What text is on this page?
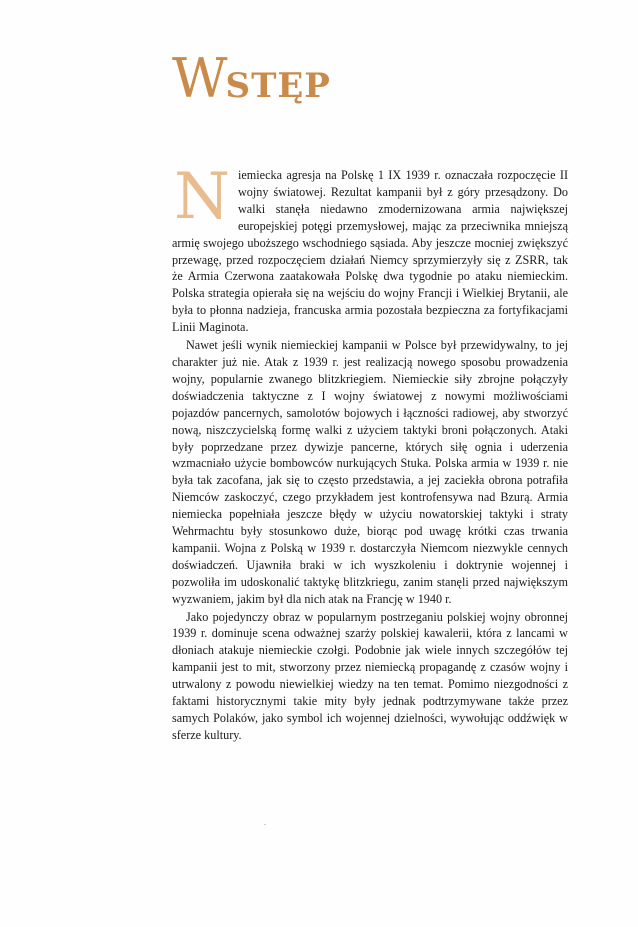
WSTĘP

Niemiecka agresja na Polskę 1 IX 1939 r. oznaczała rozpoczęcie II wojny światowej. Rezultat kampanii był z góry przesądzony. Do walki stanęła niedawno zmodernizowana armia największej europejskiej potęgi przemysłowej, mając za przeciwnika mniejszą armię swojego uboższego wschodniego sąsiada. Aby jeszcze mocniej zwiększyć przewagę, przed rozpoczęciem działań Niemcy sprzymierzyły się z ZSRR, tak że Armia Czerwona zaatakowała Polskę dwa tygodnie po ataku niemieckim. Polska strategia opierała się na wejściu do wojny Francji i Wielkiej Brytanii, ale była to płonna nadzieja, francuska armia pozostała bezpieczna za fortyfikacjami Linii Maginota.

Nawet jeśli wynik niemieckiej kampanii w Polsce był przewidywalny, to jej charakter już nie. Atak z 1939 r. jest realizacją nowego sposobu prowadzenia wojny, popularnie zwanego blitzkriegiem. Niemieckie siły zbrojne połączyły doświadczenia taktyczne z I wojny światowej z nowymi możliwościami pojazdów pancernych, samolotów bojowych i łączności radiowej, aby stworzyć nową, niszczycielską formę walki z użyciem taktyki broni połączonych. Ataki były poprzedzane przez dywizje pancerne, których siłę ognia i uderzenia wzmacniało użycie bombowców nurkujących Stuka. Polska armia w 1939 r. nie była tak zacofana, jak się to często przedstawia, a jej zaciekła obrona potrafiła Niemców zaskoczyć, czego przykładem jest kontrofensywa nad Bzurą. Armia niemiecka popełniała jeszcze błędy w użyciu nowatorskiej taktyki i straty Wehrmachtu były stosunkowo duże, biorąc pod uwagę krótki czas trwania kampanii. Wojna z Polską w 1939 r. dostarczyła Niemcom niezwykle cennych doświadczeń. Ujawniła braki w ich wyszkoleniu i doktrynie wojennej i pozwoliła im udoskonalić taktykę blitzkriegu, zanim stanęli przed największym wyzwaniem, jakim był dla nich atak na Francję w 1940 r.

Jako pojedynczy obraz w popularnym postrzeganiu polskiej wojny obronnej 1939 r. dominuje scena odważnej szarży polskiej kawalerii, która z lancami w dłoniach atakuje niemieckie czołgi. Podobnie jak wiele innych szczegółów tej kampanii jest to mit, stworzony przez niemiecką propagandę z czasów wojny i utrwalony z powodu niewielkiej wiedzy na ten temat. Pomimo niezgodności z faktami historycznymi takie mity były jednak podtrzymywane także przez samych Polaków, jako symbol ich wojennej dzielności, wywołując oddźwięk w sferze kultury.
